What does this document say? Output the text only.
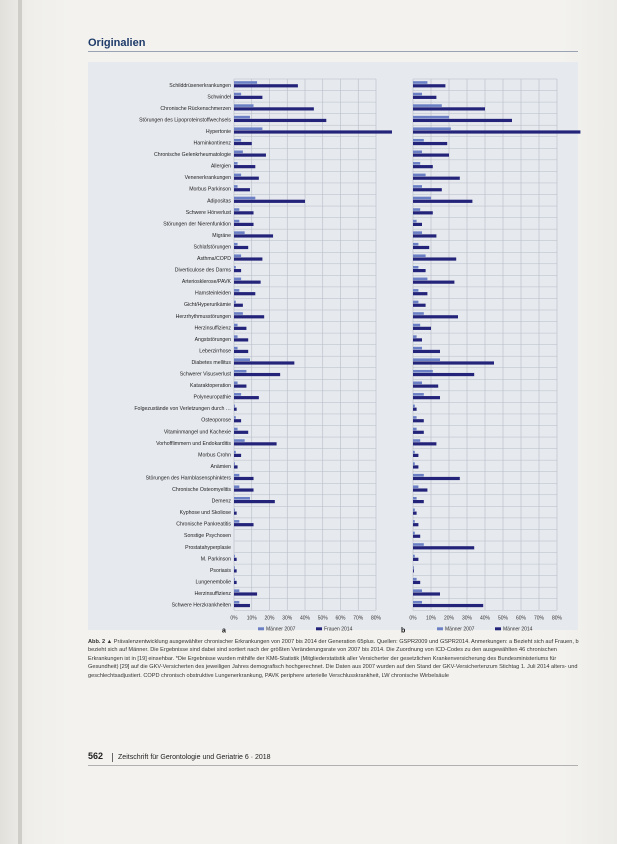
Originalien
0% 10% 20% 30% 40% 50% 60% 70% 80%
Schilddrüsenerkrankungen
Schwindel
Chronische Rückenschmerzen
Störungen des Lipoproteinstoffwechsels
Hypertonie
Harninkontinenz
Chronische Gelenkrheumatologie
Allergien
Venenerkrankungen
Morbus Parkinson
Adipositas
Schwere Hörverlust
Störungen der Nierenfunktion
Migräne
Schlafstörungen
Asthma/COPD
Diverticulose des Darms
Arteriosklerose/PAVK
Harnsteinleiden
Gicht/Hyperurikämie
Herzrhythmusstörungen
Herzinsuffizienz
Angststörungen
Leberzirrhose
Diabetes mellitus
Schwerer Visusverlust
Kataraktoperation
Polyneuropathie
Folgezustände von Verletzungen durch …
Osteoporose
Vitaminmangel und Kachexie
Vorhofflimmern und Endokarditis
Morbus Crohn
Anämien
Störungen des Harnblasensphinkters
Chronische Osteomyelitis
Demenz
Kyphose und Skoliose
Chronische Pankreatitis
Sonstige Psychosen
Prostatahyperplasie
M. Parkinson
Psoriasis
Lungenembolie
Herzinsuffizienz
Schwere Herzkrankheiten
a	Männer 2007	Frauen 2014
0% 10% 20% 30% 40% 50% 60% 70% 80%
b	Männer 2007	Männer 2014
Abb. 2 ▲ Prävalenzentwicklung ausgewählter chronischer Erkrankungen von 2007 bis 2014 der Generation 65plus. Quellen: GSPR2009 und GSPR2014. Anmerkungen: a Bezieht sich auf Frauen, b bezieht sich auf Männer. Die Ergebnisse sind dabei sind sortiert nach der größten Veränderungsrate von 2007 bis 2014. Die Zuordnung von ICD-Codes zu den ausgewählten 46 chronischen Erkrankungen ist in [19] einsehbar. *Die Ergebnisse wurden mithilfe der KM6-Statistik (Mitgliederstatistik aller Versicherter der gesetzlichen Krankenversicherung des Bundesministeriums für Gesundheit) [29] auf die GKV-Versicherten des jeweiligen Jahres demografisch hochgerechnet. Die Daten aus 2007 wurden auf den Stand der GKV-Versichertenzum Stichtag 1. Juli 2014 alters- und geschlechtsadjustiert. COPD chronisch obstruktive Lungenerkrankung, PAVK periphere arterielle Verschlusskrankheit, LW chronische Wirbelsäule
562 Zeitschrift für Gerontologie und Geriatrie 6 · 2018
